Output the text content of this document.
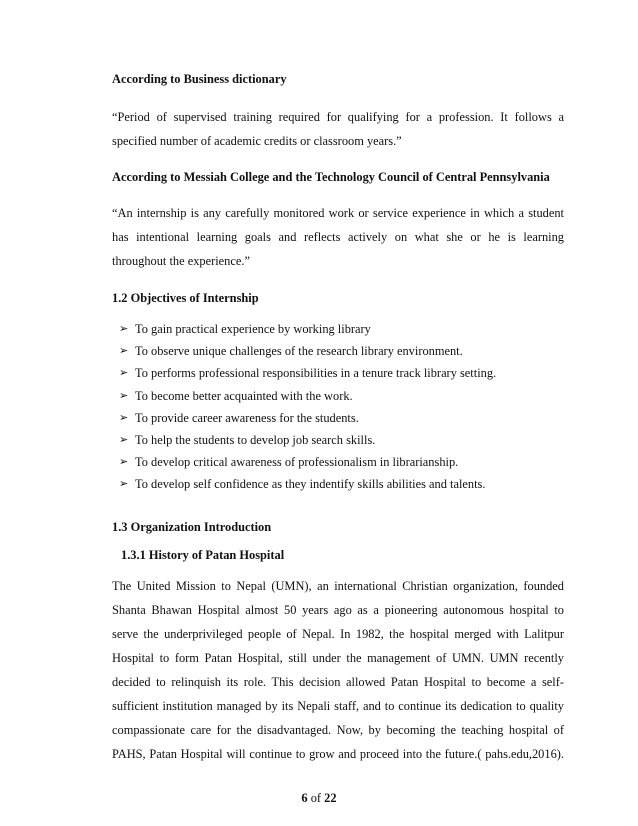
According to Business dictionary
“Period of supervised training required for qualifying for a profession. It follows a
specified number of academic credits or classroom years.”
According to Messiah College and the Technology Council of Central Pennsylvania
“An internship is any carefully monitored work or service experience in which a student
has intentional learning goals and reflects actively on what she or he is learning
throughout the experience.”
1.2 Objectives of Internship
➢ To gain practical experience by working library
➢ To observe unique challenges of the research library environment.
➢ To performs professional responsibilities in a tenure track library setting.
➢ To become better acquainted with the work.
➢ To provide career awareness for the students.
➢ To help the students to develop job search skills.
➢ To develop critical awareness of professionalism in librarianship.
➢ To develop self confidence as they indentify skills abilities and talents.
1.3 Organization Introduction
1.3.1 History of Patan Hospital
The United Mission to Nepal (UMN), an international Christian organization, founded
Shanta Bhawan Hospital almost 50 years ago as a pioneering autonomous hospital to
serve the underprivileged people of Nepal. In 1982, the hospital merged with Lalitpur
Hospital to form Patan Hospital, still under the management of UMN. UMN recently
decided to relinquish its role. This decision allowed Patan Hospital to become a self-
sufficient institution managed by its Nepali staff, and to continue its dedication to quality
compassionate care for the disadvantaged. Now, by becoming the teaching hospital of
PAHS, Patan Hospital will continue to grow and proceed into the future.( pahs.edu,2016).
6 of 22
